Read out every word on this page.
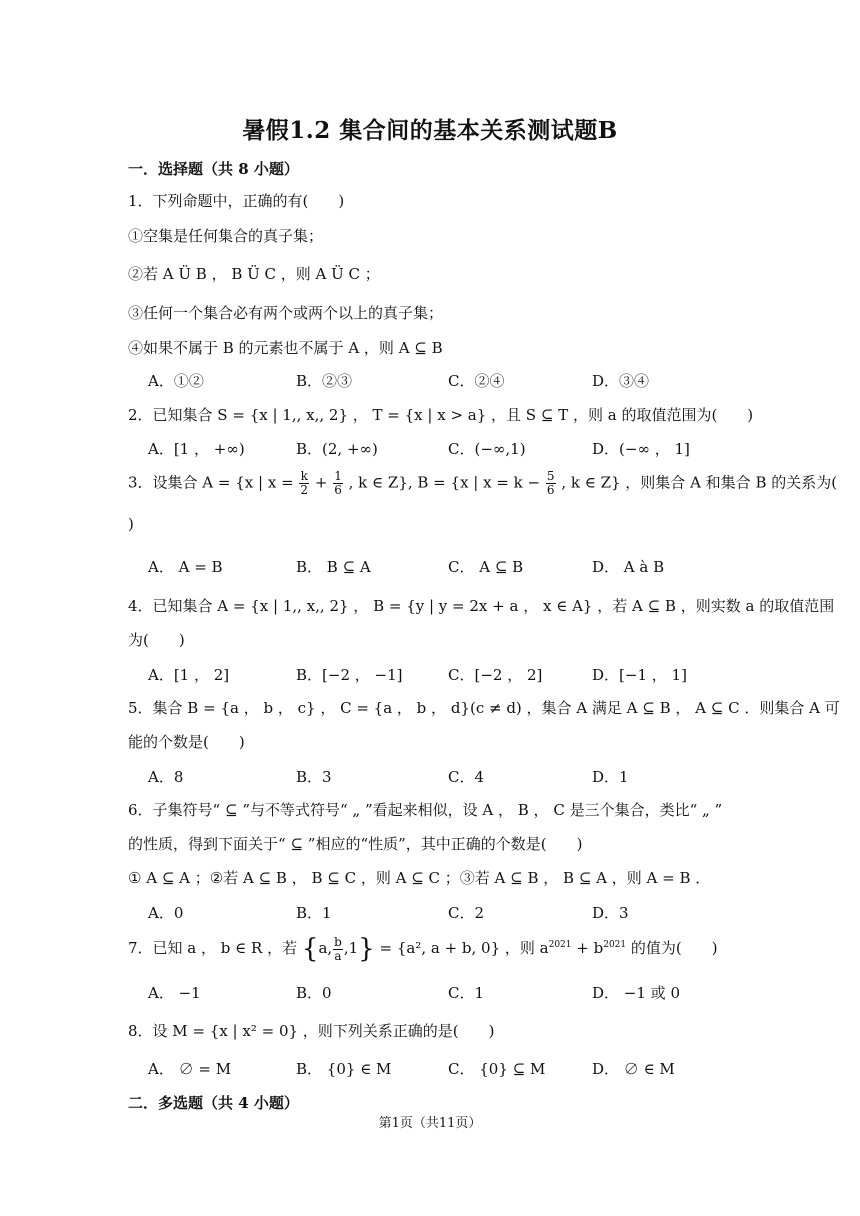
暑假1.2 集合间的基本关系测试题B
一．选择题（共 8 小题）
1．下列命题中，正确的有(　　)
①空集是任何集合的真子集；
②若 A Ü B ， B Ü C ，则 A Ü C ；
③任何一个集合必有两个或两个以上的真子集；
④如果不属于 B 的元素也不属于 A ，则 A ⊆ B
A．①②	B．②③	C．②④	D．③④
2．已知集合 S = {x | 1,, x,, 2} ， T = {x | x > a} ，且 S ⊆ T ，则 a 的取值范围为(　　)
A．[1 ， +∞)	B．(2, +∞)	C．(−∞,1)	D．(−∞ ， 1]
3．设集合 A = {x | $x = \frac{k}{2} + \frac{1}{6}$ , k ∈ Z}, B = {x | $x = k - \frac{5}{6}$ , k ∈ Z} ，则集合 A 和集合 B 的关系为(
)
A． A = B	B． B ⊆ A	C． A ⊆ B	D． A à B
4．已知集合 A = {x | 1,, x,, 2} ， B = {y | y = 2x + a ， x ∈ A} ，若 A ⊆ B ，则实数 a 的取值范围
为(　　)
A．[1 ， 2]	B．[−2 ， −1]	C．[−2 ， 2]	D．[−1 ， 1]
5．集合 B = {a ， b ， c} ， C = {a ， b ， d}(c ≠ d) ，集合 A 满足 A ⊆ B ， A ⊆ C ．则集合 A 可
能的个数是(　　)
A．8	B．3	C．4	D．1
6．子集符号“ ⊆ ”与不等式符号“ „ ”看起来相似，设 A ， B ， C 是三个集合，类比“ „ ”
的性质，得到下面关于“ ⊆ ”相应的“性质”，其中正确的个数是(　　)
① A ⊆ A ；②若 A ⊆ B ， B ⊆ C ，则 A ⊆ C ；③若 A ⊆ B ， B ⊆ A ，则 A = B ．
A．0	B．1	C．2	D．3
7．已知 a ， b ∈ R ，若 {a, $\frac{b}{a} ,1\} = \{a^2$, a + b, 0} ，则 $a^{2021} + b^{2021}$ 的值为(　　)
A． −1	B．0	C．1	D． −1 或 0
8．设 M = {x | x² = 0} ，则下列关系正确的是(　　)
A． ∅ = M	B． {0} ∈ M	C． {0} ⊆ M	D． ∅ ∈ M
二．多选题（共 4 小题）
第1页（共11页）
